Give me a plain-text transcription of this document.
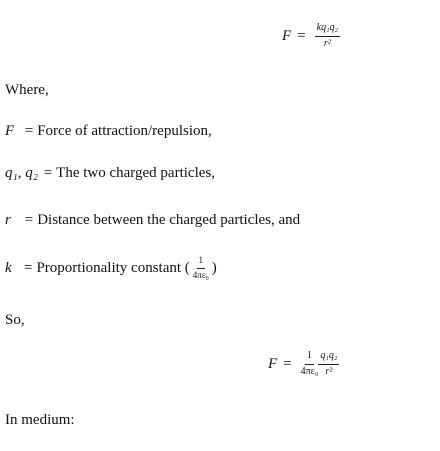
$F = \frac{\text{kq₁q₂}}{\text{r²}}$
Where,
F = Force of attraction/repulsion,
q₁, q₂ = The two charged particles,
r = Distance between the charged particles, and
k = Proportionality constant ( $\frac{1}{\text{4πε₀}}$ )
So,
$F = \frac{1}{\text{4πε₀}} \frac{\text{q₁q₂}}{\text{r²}}$
In medium:
